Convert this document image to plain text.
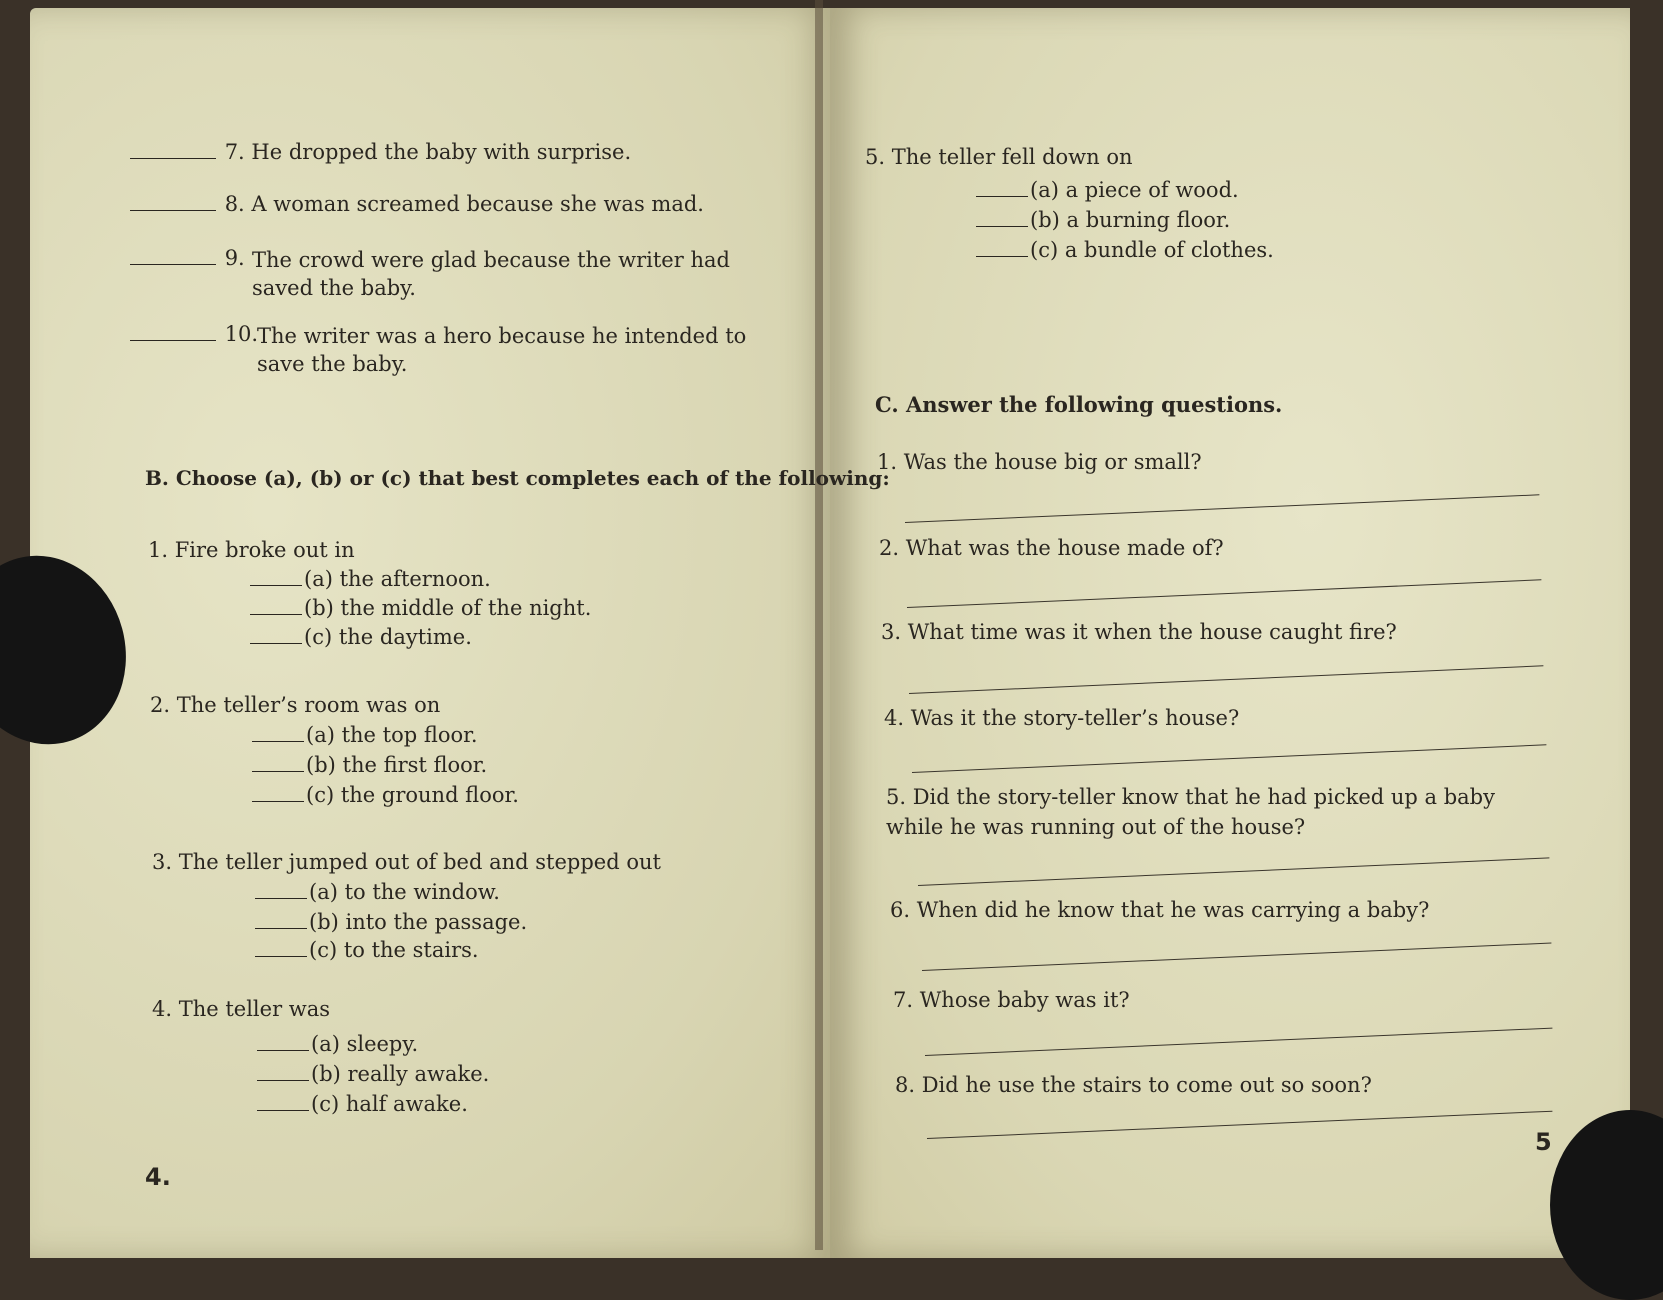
7. He dropped the baby with surprise.
8. A woman screamed because she was mad.
9. The crowd were glad because the writer had saved the baby.
10.
The writer was a hero because he intended to save the baby.
B. Choose (a), (b) or (c) that best completes each of the following:
1. Fire broke out in
(a) the afternoon.
(b) the middle of the night.
(c) the daytime.
2. The teller’s room was on
(a) the top floor.
(b) the first floor.
(c) the ground floor.
3. The teller jumped out of bed and stepped out
(a) to the window.
(b) into the passage.
(c) to the stairs.
4. The teller was
(a) sleepy.
(b) really awake.
(c) half awake.
4.
5. The teller fell down on
(a) a piece of wood.
(b) a burning floor.
(c) a bundle of clothes.
C. Answer the following questions.
1. Was the house big or small?
2. What was the house made of?
3. What time was it when the house caught fire?
4. Was it the story-teller’s house?
5. Did the story-teller know that he had picked up a baby while he was running out of the house?
6. When did he know that he was carrying a baby?
7. Whose baby was it?
8. Did he use the stairs to come out so soon?
5
